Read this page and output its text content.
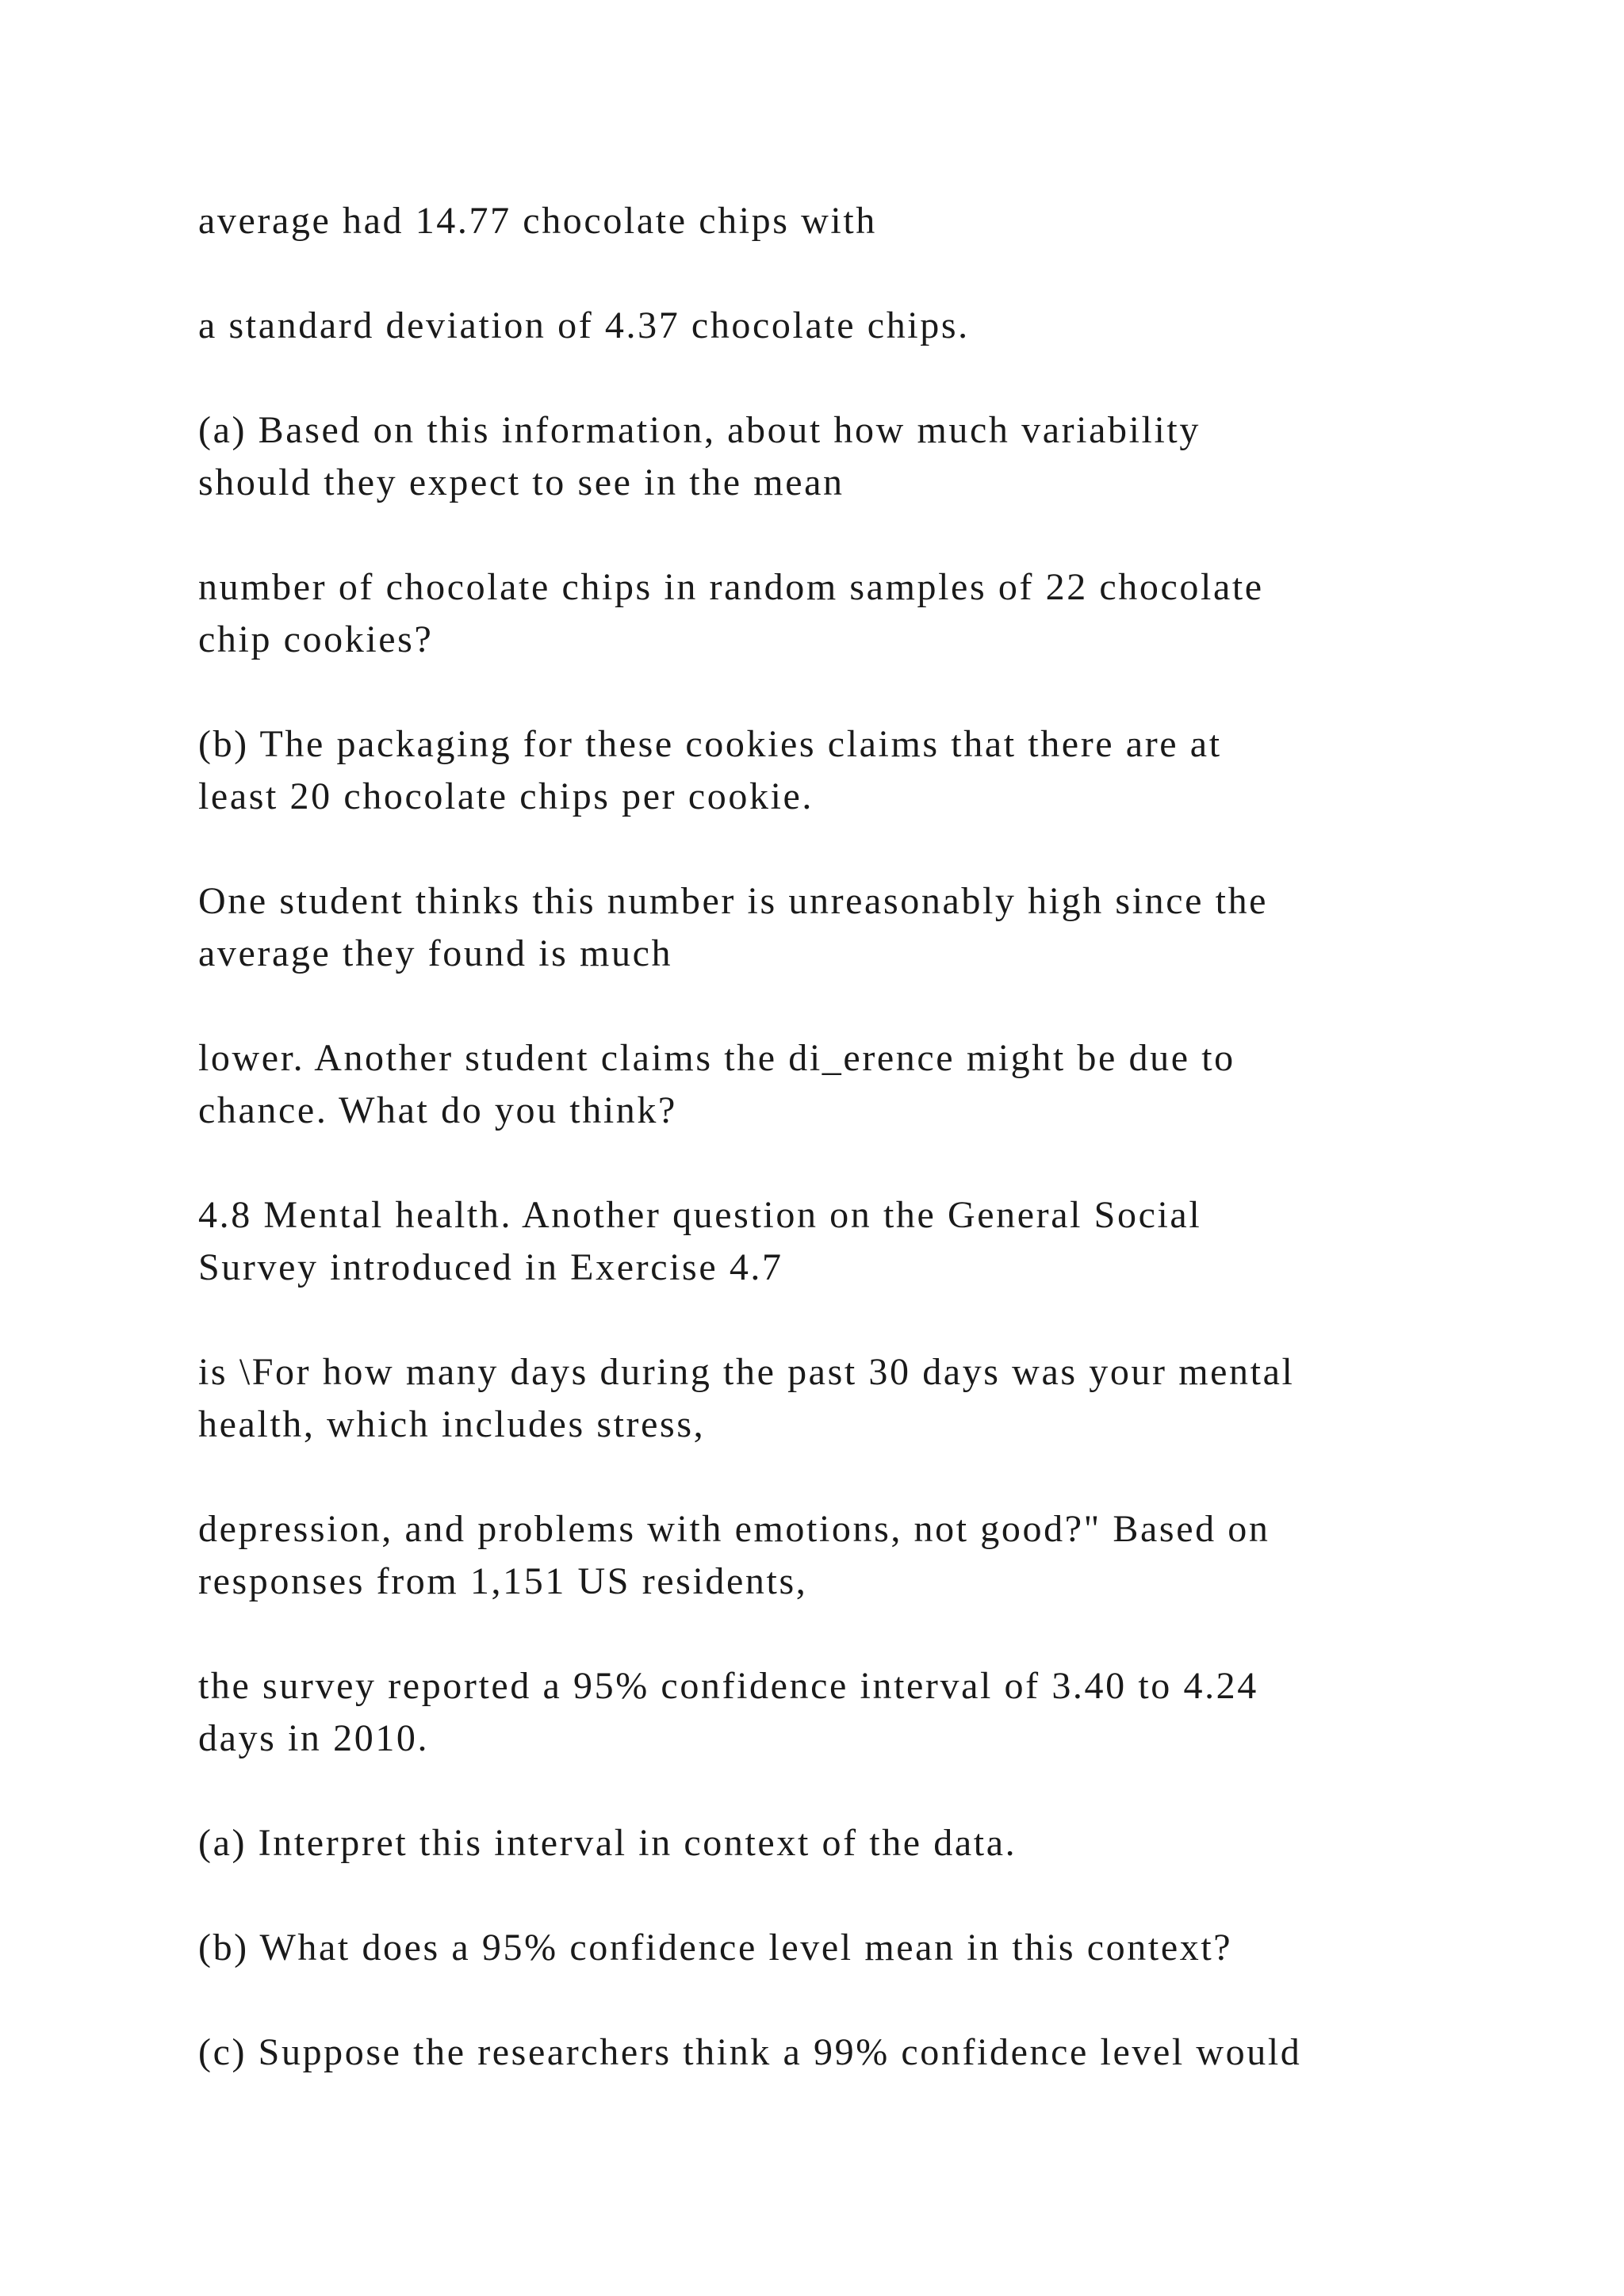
average had 14.77 chocolate chips with

a standard deviation of 4.37 chocolate chips.

(a) Based on this information, about how much variability
should they expect to see in the mean

number of chocolate chips in random samples of 22 chocolate
chip cookies?

(b) The packaging for these cookies claims that there are at
least 20 chocolate chips per cookie.

One student thinks this number is unreasonably high since the
average they found is much

lower. Another student claims the di_erence might be due to
chance. What do you think?

4.8 Mental health. Another question on the General Social
Survey introduced in Exercise 4.7

is \For how many days during the past 30 days was your mental
health, which includes stress,

depression, and problems with emotions, not good?" Based on
responses from 1,151 US residents,

the survey reported a 95% confidence interval of 3.40 to 4.24
days in 2010.

(a) Interpret this interval in context of the data.

(b) What does a 95% confidence level mean in this context?

(c) Suppose the researchers think a 99% confidence level would
